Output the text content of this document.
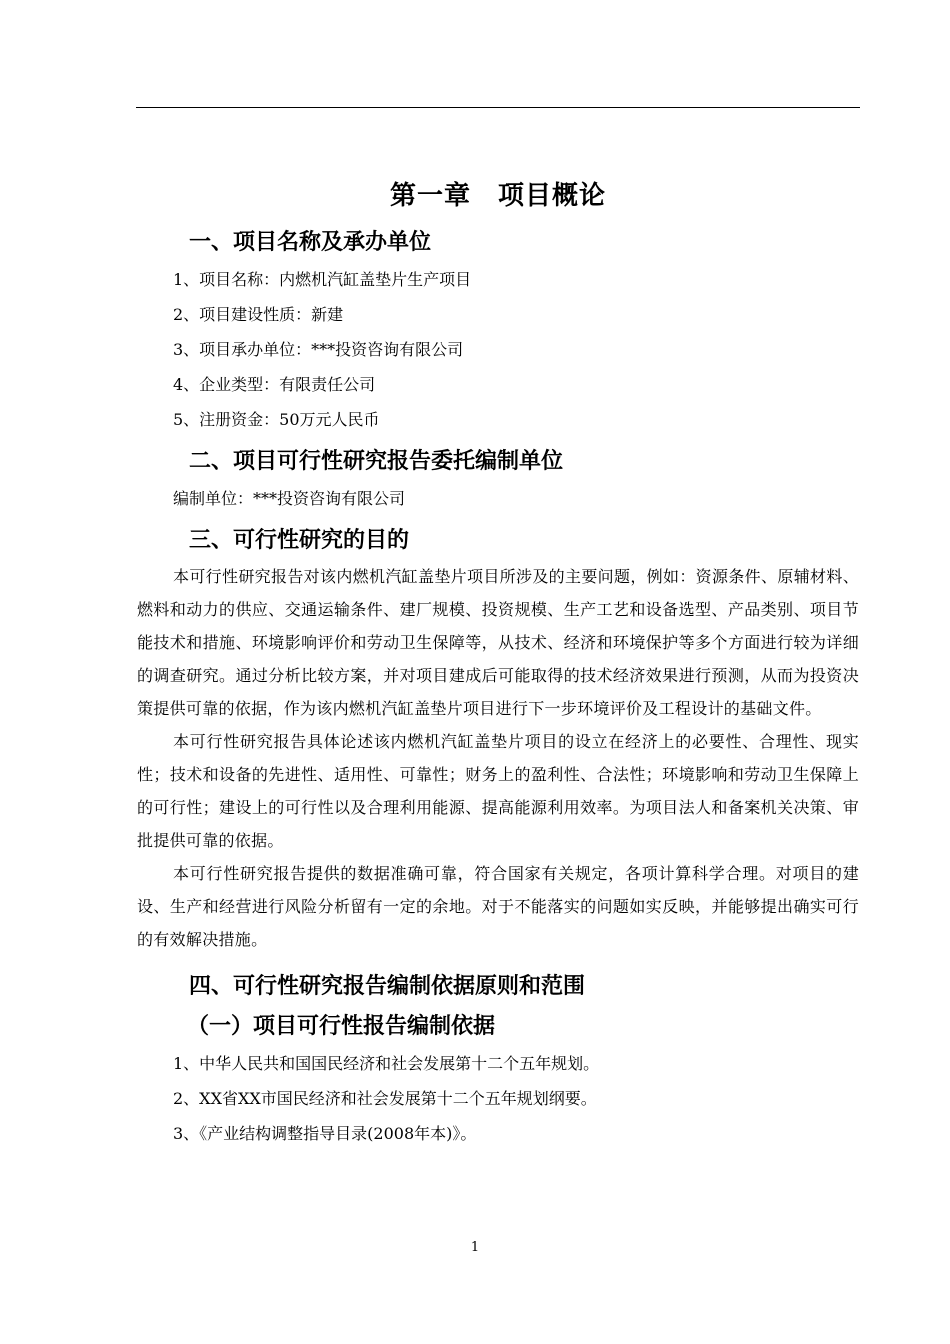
第一章　项目概论
一、项目名称及承办单位
1、项目名称：内燃机汽缸盖垫片生产项目
2、项目建设性质：新建
3、项目承办单位：***投资咨询有限公司
4、企业类型：有限责任公司
5、注册资金：50万元人民币
二、项目可行性研究报告委托编制单位
编制单位：***投资咨询有限公司
三、可行性研究的目的

本可行性研究报告对该内燃机汽缸盖垫片项目所涉及的主要问题，例如：资源条件、原辅材料、燃料和动力的供应、交通运输条件、建厂规模、投资规模、生产工艺和设备选型、产品类别、项目节能技术和措施、环境影响评价和劳动卫生保障等，从技术、经济和环境保护等多个方面进行较为详细的调查研究。通过分析比较方案，并对项目建成后可能取得的技术经济效果进行预测，从而为投资决策提供可靠的依据，作为该内燃机汽缸盖垫片项目进行下一步环境评价及工程设计的基础文件。

本可行性研究报告具体论述该内燃机汽缸盖垫片项目的设立在经济上的必要性、合理性、现实性；技术和设备的先进性、适用性、可靠性；财务上的盈利性、合法性；环境影响和劳动卫生保障上的可行性；建设上的可行性以及合理利用能源、提高能源利用效率。为项目法人和备案机关决策、审批提供可靠的依据。

本可行性研究报告提供的数据准确可靠，符合国家有关规定，各项计算科学合理。对项目的建设、生产和经营进行风险分析留有一定的余地。对于不能落实的问题如实反映，并能够提出确实可行的有效解决措施。

四、可行性研究报告编制依据原则和范围
（一）项目可行性报告编制依据
1、中华人民共和国国民经济和社会发展第十二个五年规划。
2、XX省XX市国民经济和社会发展第十二个五年规划纲要。
3、《产业结构调整指导目录(2008年本)》。
1
